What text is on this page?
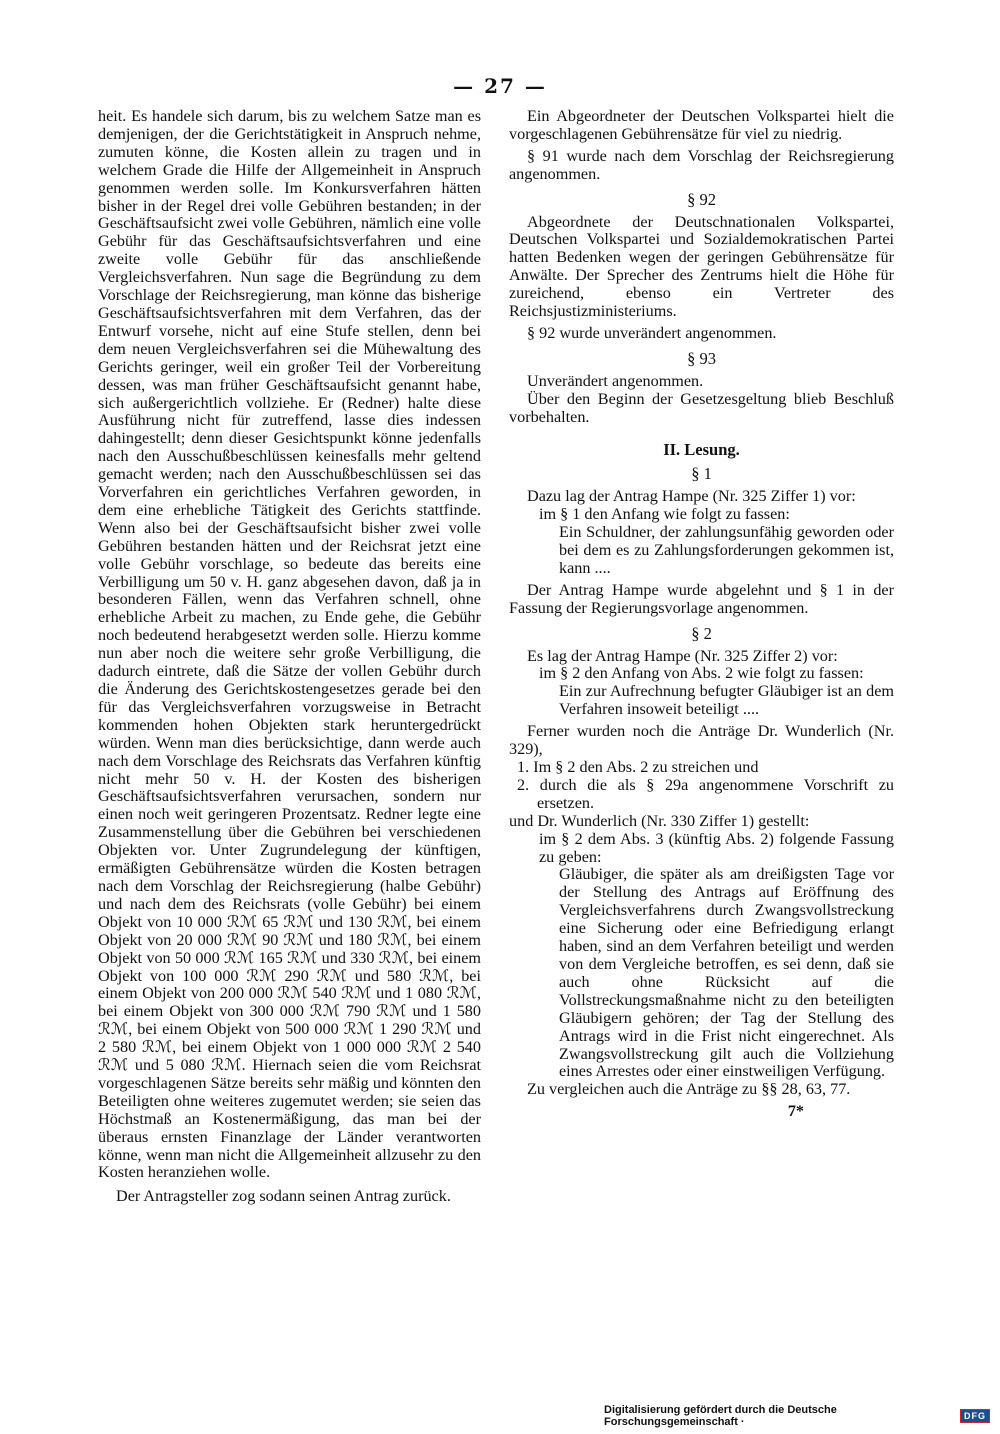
— 27 —

heit. Es handele sich darum, bis zu welchem Satze man es demjenigen, der die Gerichtstätigkeit in Anspruch nehme, zumuten könne, die Kosten allein zu tragen und in welchem Grade die Hilfe der Allgemeinheit in Anspruch genommen werden solle. Im Konkursverfahren hätten bisher in der Regel drei volle Gebühren bestanden; in der Geschäftsaufsicht zwei volle Gebühren, nämlich eine volle Gebühr für das Geschäftsaufsichtsverfahren und eine zweite volle Gebühr für das anschließende Vergleichsverfahren. Nun sage die Begründung zu dem Vorschlage der Reichsregierung, man könne das bisherige Geschäftsaufsichtsverfahren mit dem Verfahren, das der Entwurf vorsehe, nicht auf eine Stufe stellen, denn bei dem neuen Vergleichsverfahren sei die Mühewaltung des Gerichts geringer, weil ein großer Teil der Vorbereitung dessen, was man früher Geschäftsaufsicht genannt habe, sich außergerichtlich vollziehe. Er (Redner) halte diese Ausführung nicht für zutreffend, lasse dies indessen dahingestellt; denn dieser Gesichtspunkt könne jedenfalls nach den Ausschußbeschlüssen keinesfalls mehr geltend gemacht werden; nach den Ausschußbeschlüssen sei das Vorverfahren ein gerichtliches Verfahren geworden, in dem eine erhebliche Tätigkeit des Gerichts stattfinde. Wenn also bei der Geschäftsaufsicht bisher zwei volle Gebühren bestanden hätten und der Reichsrat jetzt eine volle Gebühr vorschlage, so bedeute das bereits eine Verbilligung um 50 v. H. ganz abgesehen davon, daß ja in besonderen Fällen, wenn das Verfahren schnell, ohne erhebliche Arbeit zu machen, zu Ende gehe, die Gebühr noch bedeutend herabgesetzt werden solle. Hierzu komme nun aber noch die weitere sehr große Verbilligung, die dadurch eintrete, daß die Sätze der vollen Gebühr durch die Änderung des Gerichtskostengesetzes gerade bei den für das Vergleichsverfahren vorzugsweise in Betracht kommenden hohen Objekten stark heruntergedrückt würden. Wenn man dies berücksichtige, dann werde auch nach dem Vorschlage des Reichsrats das Verfahren künftig nicht mehr 50 v. H. der Kosten des bisherigen Geschäftsaufsichtsverfahren verursachen, sondern nur einen noch weit geringeren Prozentsatz. Redner legte eine Zusammenstellung über die Gebühren bei verschiedenen Objekten vor. Unter Zugrundelegung der künftigen, ermäßigten Gebührensätze würden die Kosten betragen nach dem Vorschlag der Reichsregierung (halbe Gebühr) und nach dem des Reichsrats (volle Gebühr) bei einem Objekt von 10 000 ℛℳ 65 ℛℳ und 130 ℛℳ, bei einem Objekt von 20 000 ℛℳ 90 ℛℳ und 180 ℛℳ, bei einem Objekt von 50 000 ℛℳ 165 ℛℳ und 330 ℛℳ, bei einem Objekt von 100 000 ℛℳ 290 ℛℳ und 580 ℛℳ, bei einem Objekt von 200 000 ℛℳ 540 ℛℳ und 1 080 ℛℳ, bei einem Objekt von 300 000 ℛℳ 790 ℛℳ und 1 580 ℛℳ, bei einem Objekt von 500 000 ℛℳ 1 290 ℛℳ und 2 580 ℛℳ, bei einem Objekt von 1 000 000 ℛℳ 2 540 ℛℳ und 5 080 ℛℳ. Hiernach seien die vom Reichsrat vorgeschlagenen Sätze bereits sehr mäßig und könnten den Beteiligten ohne weiteres zugemutet werden; sie seien das Höchstmaß an Kostenermäßigung, das man bei der überaus ernsten Finanzlage der Länder verantworten könne, wenn man nicht die Allgemeinheit allzusehr zu den Kosten heranziehen wolle.

Der Antragsteller zog sodann seinen Antrag zurück.

Ein Abgeordneter der Deutschen Volkspartei hielt die vorgeschlagenen Gebührensätze für viel zu niedrig.

§ 91 wurde nach dem Vorschlag der Reichsregierung angenommen.

§ 92

Abgeordnete der Deutschnationalen Volkspartei, Deutschen Volkspartei und Sozialdemokratischen Partei hatten Bedenken wegen der geringen Gebührensätze für Anwälte. Der Sprecher des Zentrums hielt die Höhe für zureichend, ebenso ein Vertreter des Reichsjustizministeriums.

§ 92 wurde unverändert angenommen.

§ 93

Unverändert angenommen.

Über den Beginn der Gesetzesgeltung blieb Beschluß vorbehalten.

II. Lesung.

§ 1

Dazu lag der Antrag Hampe (Nr. 325 Ziffer 1) vor:

im § 1 den Anfang wie folgt zu fassen:

Ein Schuldner, der zahlungsunfähig geworden oder bei dem es zu Zahlungsforderungen gekommen ist, kann ....

Der Antrag Hampe wurde abgelehnt und § 1 in der Fassung der Regierungsvorlage angenommen.

§ 2

Es lag der Antrag Hampe (Nr. 325 Ziffer 2) vor:

im § 2 den Anfang von Abs. 2 wie folgt zu fassen:

Ein zur Aufrechnung befugter Gläubiger ist an dem Verfahren insoweit beteiligt ....

Ferner wurden noch die Anträge Dr. Wunderlich (Nr. 329),

1. Im § 2 den Abs. 2 zu streichen und

2. durch die als § 29a angenommene Vorschrift zu ersetzen.

und Dr. Wunderlich (Nr. 330 Ziffer 1) gestellt:

im § 2 dem Abs. 3 (künftig Abs. 2) folgende Fassung zu geben:

Gläubiger, die später als am dreißigsten Tage vor der Stellung des Antrags auf Eröffnung des Vergleichsverfahrens durch Zwangsvollstreckung eine Sicherung oder eine Befriedigung erlangt haben, sind an dem Verfahren beteiligt und werden von dem Vergleiche betroffen, es sei denn, daß sie auch ohne Rücksicht auf die Vollstreckungsmaßnahme nicht zu den beteiligten Gläubigern gehören; der Tag der Stellung des Antrags wird in die Frist nicht eingerechnet. Als Zwangsvollstreckung gilt auch die Vollziehung eines Arrestes oder einer einstweiligen Verfügung.

Zu vergleichen auch die Anträge zu §§ 28, 63, 77.

7*

Digitalisierung gefördert durch die Deutsche Forschungsgemeinschaft ·	DFG
